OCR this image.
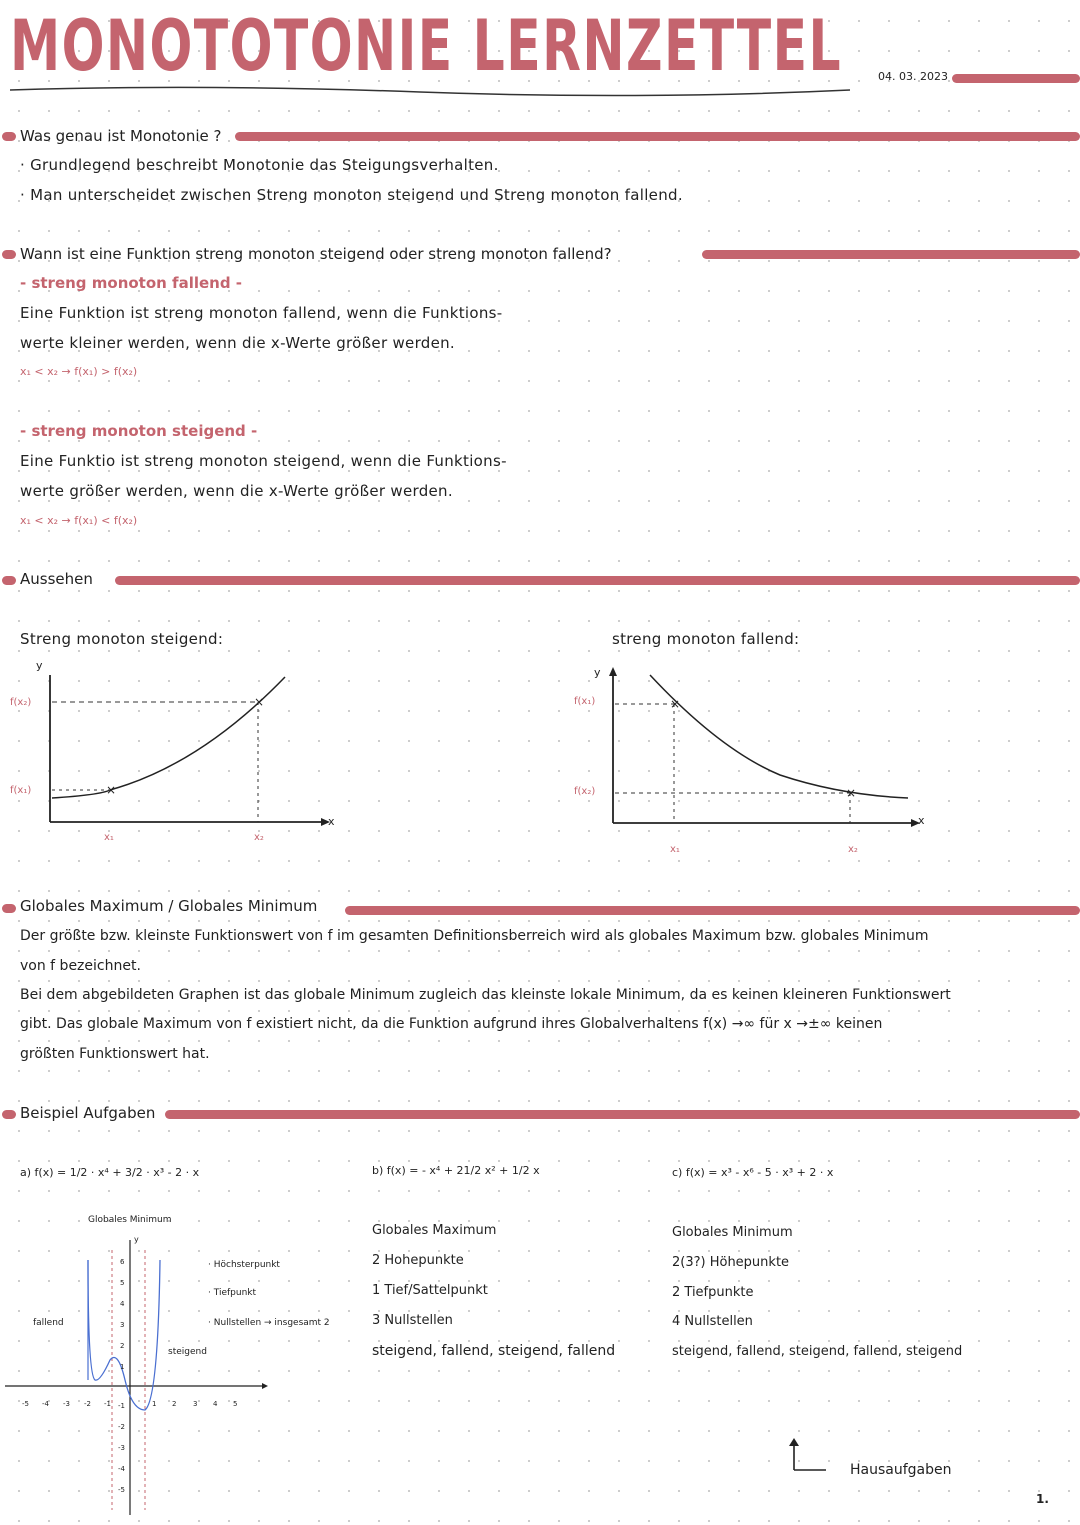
MONOTOTONIE LERNZETTEL	04. 03. 2023
Was genau ist Monotonie ?
· Grundlegend beschreibt Monotonie das Steigungsverhalten.
· Man unterscheidet zwischen Streng monoton steigend und Streng monoton fallend.
Wann ist eine Funktion streng monoton steigend oder streng monoton fallend?
- streng monoton fallend -
Eine Funktion ist streng monoton fallend, wenn die Funktions-
werte kleiner werden, wenn die x-Werte größer werden.
x₁ < x₂ → f(x₁) > f(x₂)
- streng monoton steigend -
Eine Funktio ist streng monoton steigend, wenn die Funktions-
werte größer werden, wenn die x-Werte größer werden.
x₁ < x₂ → f(x₁) < f(x₂)
Aussehen
Streng monoton steigend:	streng monoton fallend:
×
×
y
x
f(x₂)
f(x₁)
x₁	x₂
×
×
y
x
f(x₁)
f(x₂)
x₁	x₂
Globales Maximum / Globales Minimum
Der größte bzw. kleinste Funktionswert von f im gesamten Definitionsberreich wird als globales Maximum bzw. globales Minimum
von f bezeichnet.
Bei dem abgebildeten Graphen ist das globale Minimum zugleich das kleinste lokale Minimum, da es keinen kleineren Funktionswert
gibt. Das globale Maximum von f existiert nicht, da die Funktion aufgrund ihres Globalverhaltens f(x) →∞ für x →±∞ keinen
größten Funktionswert hat.
Beispiel Aufgaben
a) f(x) = 1/2 · x⁴ + 3/2 · x³ - 2 · x
Globales Minimum
· Höchsterpunkt
· Tiefpunkt
· Nullstellen → insgesamt 2
fallend
steigend
y
-5 -4 -3 -2 -1	1 2 3 4 5
6
5
4
3
2
1
-1
-2
-3
-4
-5
b) f(x) = - x⁴ + 21/2 x² + 1/2 x
Globales Maximum
2 Hohepunkte
1 Tief/Sattelpunkt
3 Nullstellen
steigend, fallend, steigend, fallend
c) f(x) = x³ - x⁶ - 5 · x³ + 2 · x
Globales Minimum
2(3?) Höhepunkte
2 Tiefpunkte
4 Nullstellen
steigend, fallend, steigend, fallend, steigend
Hausaufgaben
1.
